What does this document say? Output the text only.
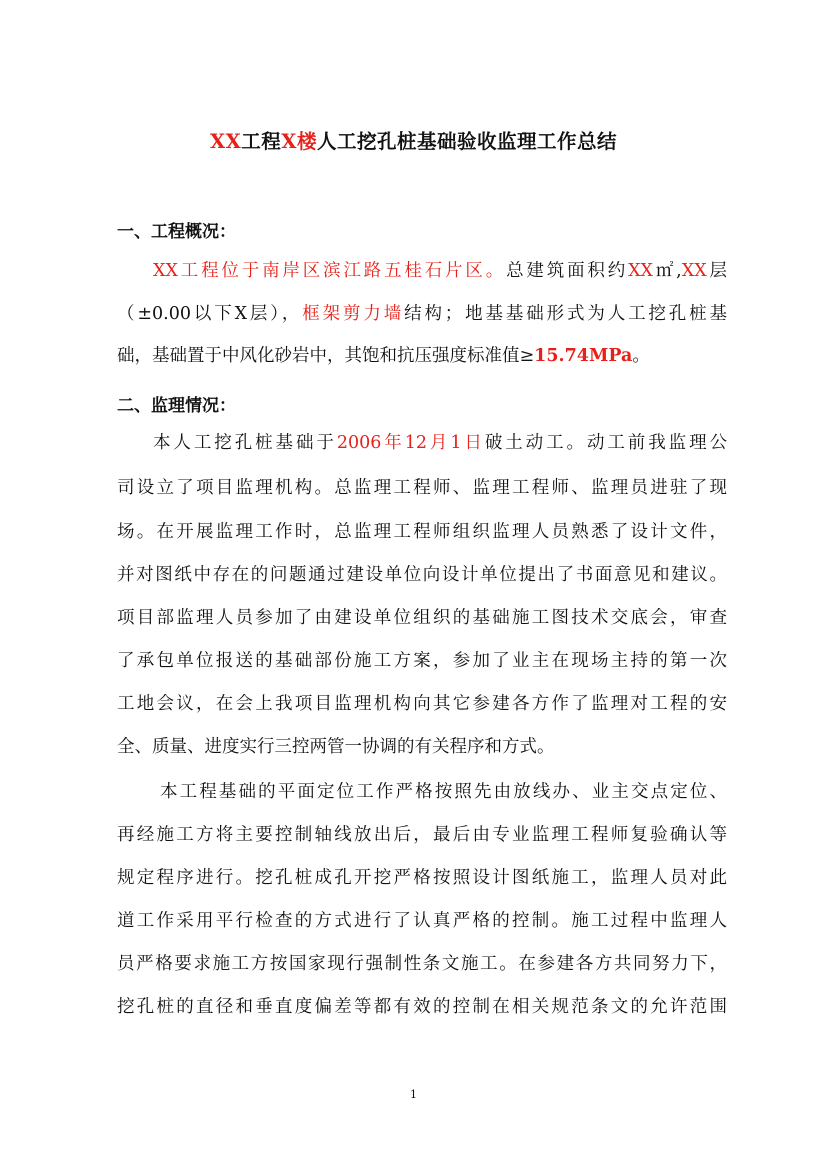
XX工程X楼人工挖孔桩基础验收监理工作总结
一、工程概况：
XX工程位于南岸区滨江路五桂石片区。总建筑面积约XX㎡,XX层
（±0.00以下X层），框架剪力墙结构；地基基础形式为人工挖孔桩基
础，基础置于中风化砂岩中，其饱和抗压强度标准值≥15.74MPa。
二、监理情况：
本人工挖孔桩基础于2006年12月1日破土动工。动工前我监理公
司设立了项目监理机构。总监理工程师、监理工程师、监理员进驻了现
场。在开展监理工作时，总监理工程师组织监理人员熟悉了设计文件，
并对图纸中存在的问题通过建设单位向设计单位提出了书面意见和建议。
项目部监理人员参加了由建设单位组织的基础施工图技术交底会，审查
了承包单位报送的基础部份施工方案，参加了业主在现场主持的第一次
工地会议，在会上我项目监理机构向其它参建各方作了监理对工程的安
全、质量、进度实行三控两管一协调的有关程序和方式。
本工程基础的平面定位工作严格按照先由放线办、业主交点定位、
再经施工方将主要控制轴线放出后，最后由专业监理工程师复验确认等
规定程序进行。挖孔桩成孔开挖严格按照设计图纸施工，监理人员对此
道工作采用平行检查的方式进行了认真严格的控制。施工过程中监理人
员严格要求施工方按国家现行强制性条文施工。在参建各方共同努力下，
挖孔桩的直径和垂直度偏差等都有效的控制在相关规范条文的允许范围
1
